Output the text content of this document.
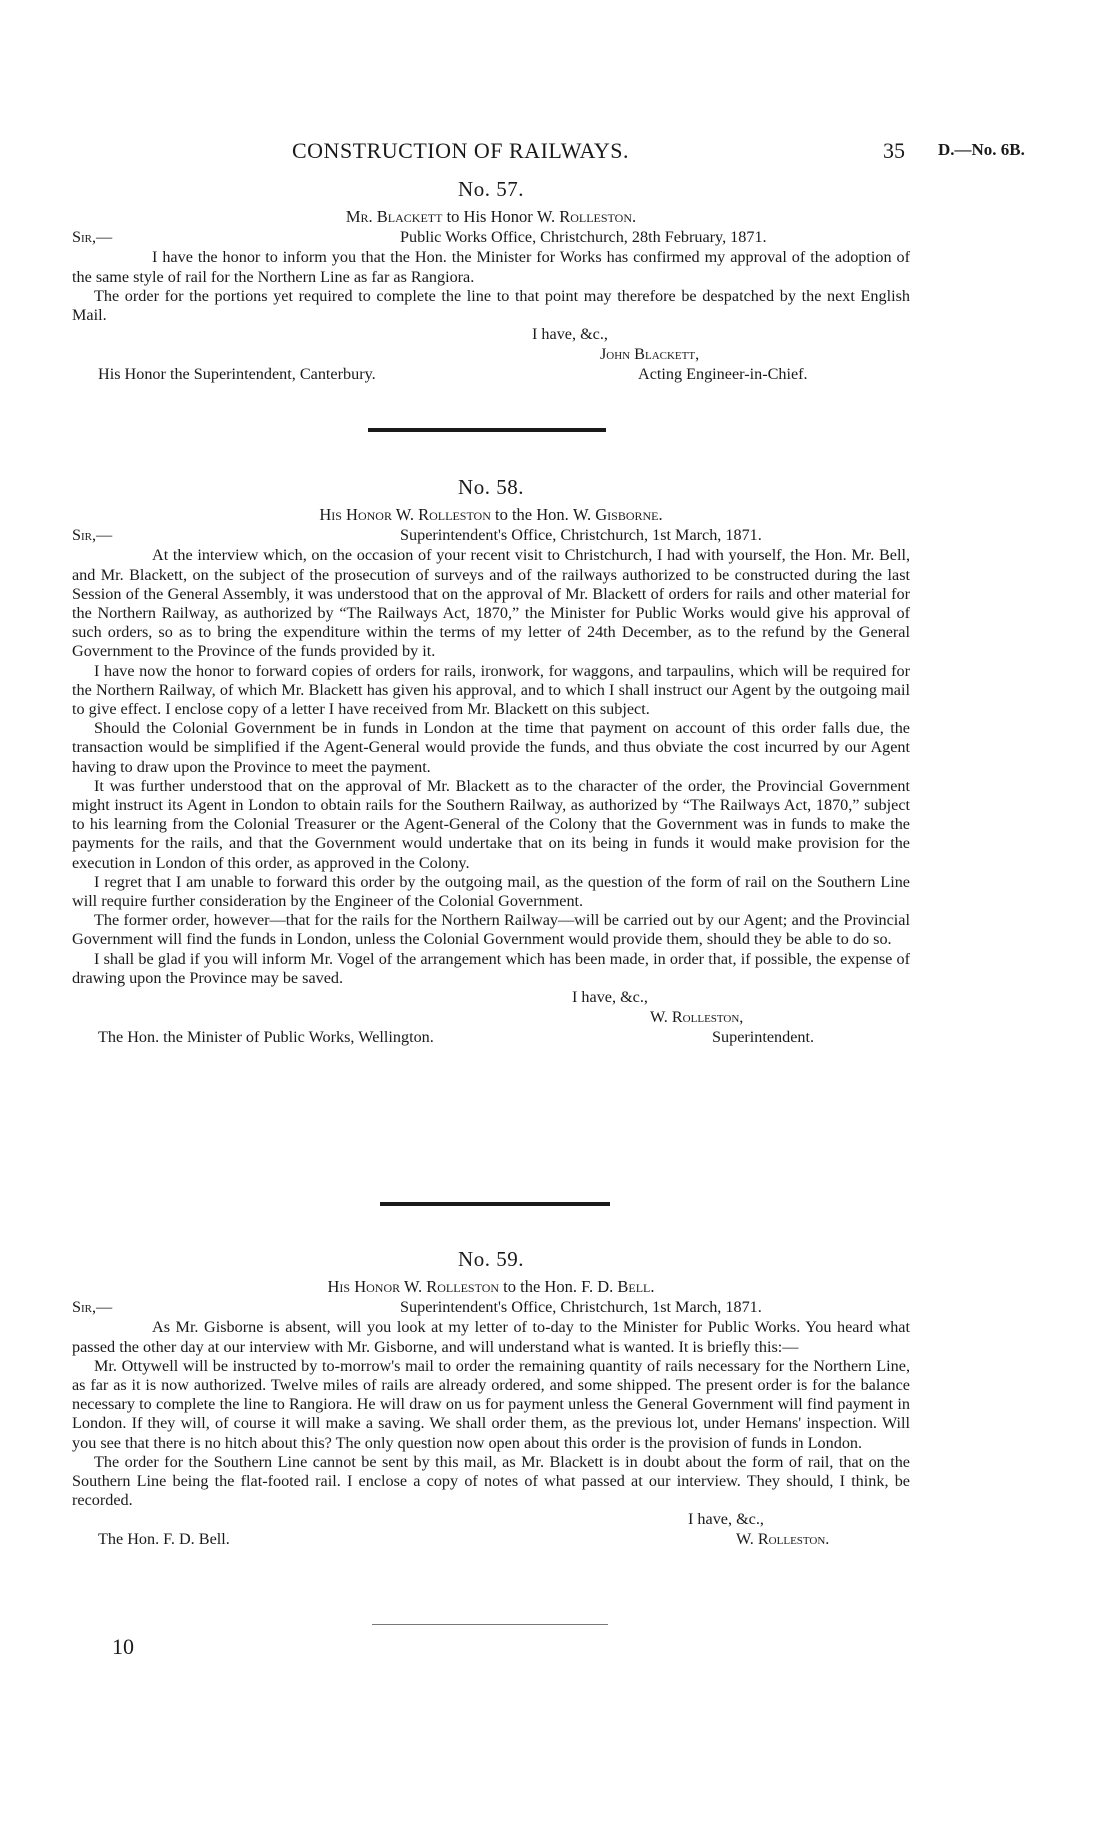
CONSTRUCTION OF RAILWAYS.	35 D.—No. 6B.
No. 57.
Mr. Blackett to His Honor W. Rolleston.
Sir,—	Public Works Office, Christchurch, 28th February, 1871.

I have the honor to inform you that the Hon. the Minister for Works has confirmed my approval of the adoption of the same style of rail for the Northern Line as far as Rangiora.

The order for the portions yet required to complete the line to that point may therefore be despatched by the next English Mail.

I have, &c.,
John Blackett,
His Honor the Superintendent, Canterbury.	Acting Engineer-in-Chief.
No. 58.
His Honor W. Rolleston to the Hon. W. Gisborne.
Sir,—	Superintendent's Office, Christchurch, 1st March, 1871.

At the interview which, on the occasion of your recent visit to Christchurch, I had with yourself, the Hon. Mr. Bell, and Mr. Blackett, on the subject of the prosecution of surveys and of the railways authorized to be constructed during the last Session of the General Assembly, it was understood that on the approval of Mr. Blackett of orders for rails and other material for the Northern Railway, as authorized by “The Railways Act, 1870,” the Minister for Public Works would give his approval of such orders, so as to bring the expenditure within the terms of my letter of 24th December, as to the refund by the General Government to the Province of the funds provided by it.

I have now the honor to forward copies of orders for rails, ironwork, for waggons, and tarpaulins, which will be required for the Northern Railway, of which Mr. Blackett has given his approval, and to which I shall instruct our Agent by the outgoing mail to give effect. I enclose copy of a letter I have received from Mr. Blackett on this subject.

Should the Colonial Government be in funds in London at the time that payment on account of this order falls due, the transaction would be simplified if the Agent-General would provide the funds, and thus obviate the cost incurred by our Agent having to draw upon the Province to meet the payment.

It was further understood that on the approval of Mr. Blackett as to the character of the order, the Provincial Government might instruct its Agent in London to obtain rails for the Southern Railway, as authorized by “The Railways Act, 1870,” subject to his learning from the Colonial Treasurer or the Agent-General of the Colony that the Government was in funds to make the payments for the rails, and that the Government would undertake that on its being in funds it would make provision for the execution in London of this order, as approved in the Colony.

I regret that I am unable to forward this order by the outgoing mail, as the question of the form of rail on the Southern Line will require further consideration by the Engineer of the Colonial Government.

The former order, however—that for the rails for the Northern Railway—will be carried out by our Agent; and the Provincial Government will find the funds in London, unless the Colonial Government would provide them, should they be able to do so.

I shall be glad if you will inform Mr. Vogel of the arrangement which has been made, in order that, if possible, the expense of drawing upon the Province may be saved.

I have, &c.,
W. Rolleston,
The Hon. the Minister of Public Works, Wellington.	Superintendent.
No. 59.
His Honor W. Rolleston to the Hon. F. D. Bell.
Sir,—	Superintendent's Office, Christchurch, 1st March, 1871.

As Mr. Gisborne is absent, will you look at my letter of to-day to the Minister for Public Works. You heard what passed the other day at our interview with Mr. Gisborne, and will understand what is wanted. It is briefly this:—

Mr. Ottywell will be instructed by to-morrow's mail to order the remaining quantity of rails necessary for the Northern Line, as far as it is now authorized. Twelve miles of rails are already ordered, and some shipped. The present order is for the balance necessary to complete the line to Rangiora. He will draw on us for payment unless the General Government will find payment in London. If they will, of course it will make a saving. We shall order them, as the previous lot, under Hemans' inspection. Will you see that there is no hitch about this? The only question now open about this order is the provision of funds in London.

The order for the Southern Line cannot be sent by this mail, as Mr. Blackett is in doubt about the form of rail, that on the Southern Line being the flat-footed rail. I enclose a copy of notes of what passed at our interview. They should, I think, be recorded.

I have, &c.,
The Hon. F. D. Bell.	W. Rolleston.
10
